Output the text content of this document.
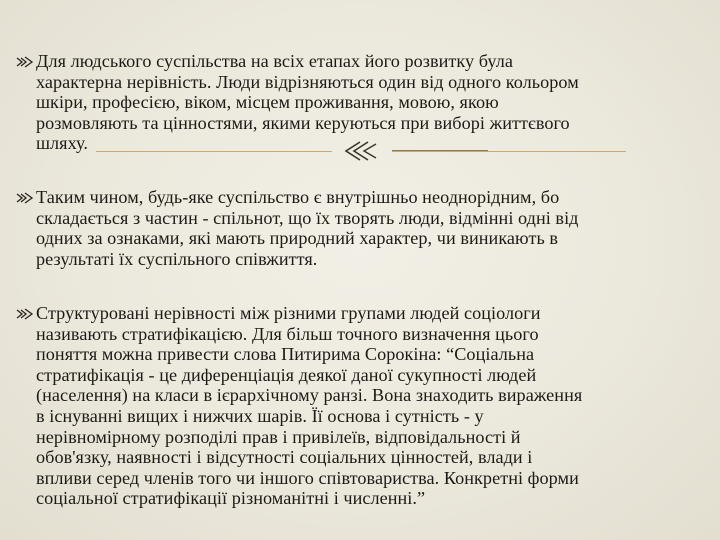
Для людського суспільства на всіх етапах його розвитку була
характерна нерівність. Люди відрізняються один від одного кольором
шкіри, професією, віком, місцем проживання, мовою, якою
розмовляють та цінностями, якими керуються при виборі життєвого
шляху.
Таким чином, будь-яке суспільство є внутрішньо неоднорідним, бо
складається з частин - спільнот, що їх творять люди, відмінні одні від
одних за ознаками, які мають природний характер, чи виникають в
результаті їх суспільного співжиття.
Структуровані нерівності між різними групами людей соціологи
називають стратифікацією. Для більш точного визначення цього
поняття можна привести слова Питирима Сорокіна: “Соціальна
стратифікація - це диференціація деякої даної сукупності людей
(населення) на класи в ієрархічному ранзі. Вона знаходить вираження
в існуванні вищих і нижчих шарів. Її основа і сутність - у
нерівномірному розподілі прав і привілеїв, відповідальності й
обов'язку, наявності і відсутності соціальних цінностей, влади і
впливи серед членів того чи іншого співтовариства. Конкретні форми
соціальної стратифікації різноманітні і численні.”
